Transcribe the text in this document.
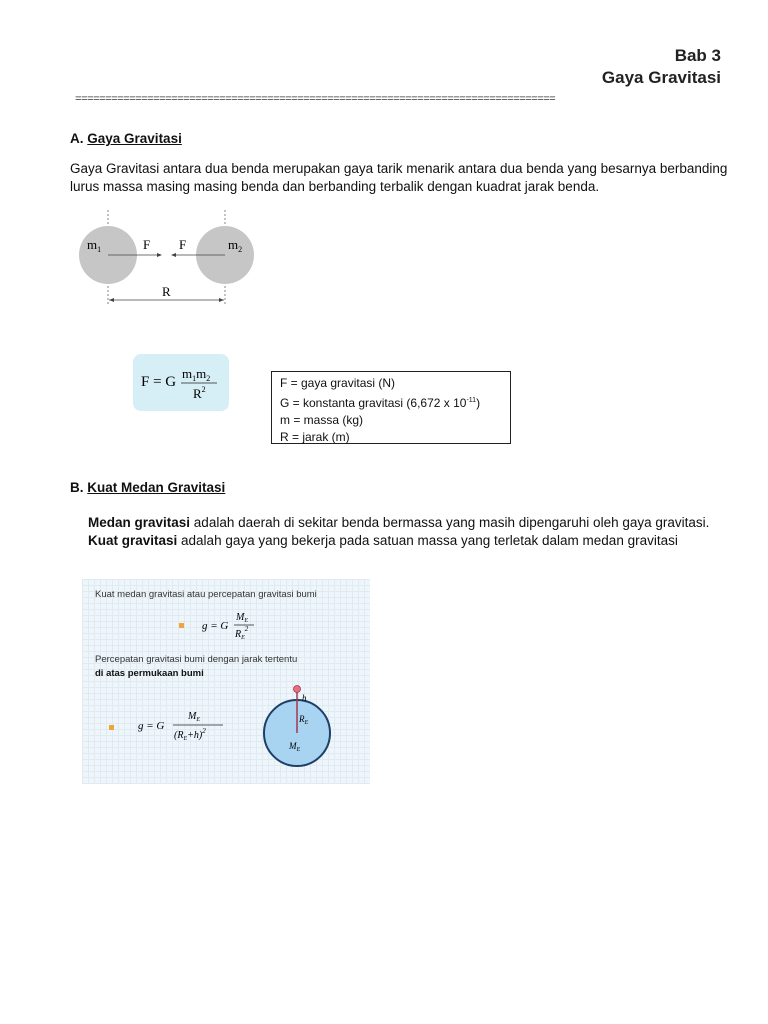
Bab 3
Gaya Gravitasi
================================================================================
A. Gaya Gravitasi
Gaya Gravitasi antara dua benda merupakan gaya tarik menarik antara dua benda yang besarnya berbanding lurus massa masing masing benda dan berbanding terbalik dengan kuadrat jarak benda.
$m_1$	$m_2$
F F
R
F = G
$m_1m_2$
$R^2$	F = gaya gravitasi (N)
G = konstanta gravitasi (6,672 x $10^{-11}$)
m = massa (kg)
R = jarak (m)
B. Kuat Medan Gravitasi
Medan gravitasi adalah daerah di sekitar benda bermassa yang masih dipengaruhi oleh gaya gravitasi.
Kuat gravitasi adalah gaya yang bekerja pada satuan massa yang terletak dalam medan gravitasi
Kuat medan gravitasi atau percepatan gravitasi bumi
g = G
$M_E$
$R_E^2$
Percepatan gravitasi bumi dengan jarak tertentu
di atas permukaan bumi
g = G
$M_E$
$(R_E+h)^2$
h
$R_E$
$M_E$
